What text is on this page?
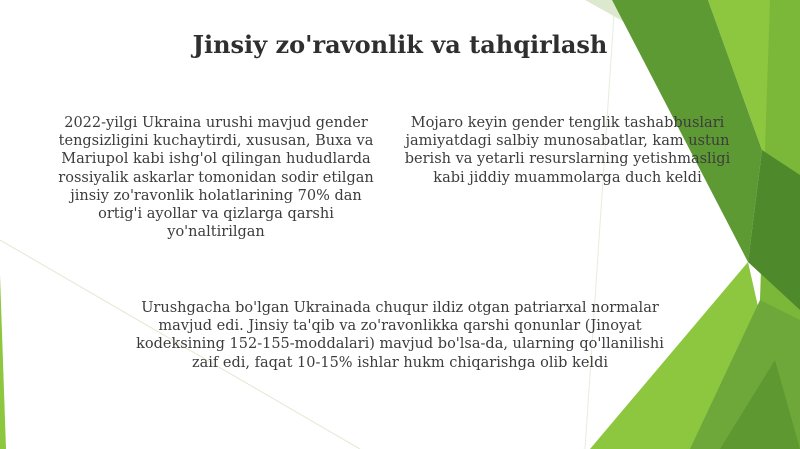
Jinsiy zo'ravonlik va tahqirlash

2022-yilgi Ukraina urushi mavjud gender tengsizligini kuchaytirdi, xususan, Buxa va Mariupol kabi ishg'ol qilingan hududlarda rossiyalik askarlar tomonidan sodir etilgan jinsiy zo'ravonlik holatlarining 70% dan ortig'i ayollar va qizlarga qarshi yo'naltirilgan

Mojaro keyin gender tenglik tashabbuslari jamiyatdagi salbiy munosabatlar, kam ustun berish va yetarli resurslarning yetishmasligi kabi jiddiy muammolarga duch keldi

Urushgacha bo'lgan Ukrainada chuqur ildiz otgan patriarxal normalar mavjud edi. Jinsiy ta'qib va zo'ravonlikka qarshi qonunlar (Jinoyat kodeksining 152-155-moddalari) mavjud bo'lsa-da, ularning qo'llanilishi zaif edi, faqat 10-15% ishlar hukm chiqarishga olib keldi
